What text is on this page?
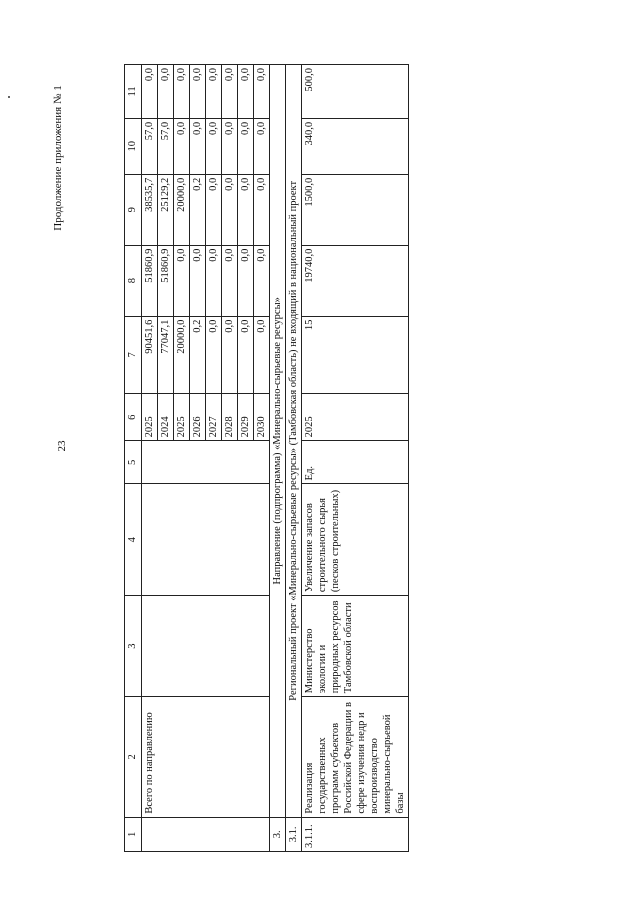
23
Продолжение приложения № 1
1	2	3	4	5	6	7	8	9	10	11
	Всего по направлению				2025	90451,6	51860,9	38535,7	57,0	0,0
					2024	77047,1	51860,9	25129,2	57,0	0,0
					2025	20000,0	0,0	20000,0	0,0	0,0
					2026	0,2	0,0	0,2	0,0	0,0
					2027	0,0	0,0	0,0	0,0	0,0
					2028	0,0	0,0	0,0	0,0	0,0
					2029	0,0	0,0	0,0	0,0	0,0
					2030	0,0	0,0	0,0	0,0	0,0
3.	Направление (подпрограмма) «Минерально-сырьевые ресурсы»									
3.1.	Региональный проект «Минерально-сырьевые ресурсы» (Тамбовская область) не входящий в национальный проект									
3.1.1.	Реализация государственных программ субъектов Российской Федерации в сфере изучения недр и воспроизводство минерально-сырьевой базы	Министерство экологии и природных ресурсов Тамбовской области	Увеличение запасов строительного сырья (песков строительных)	Ед.	2025	15	19740,0	1500,0	340,0	500,0
